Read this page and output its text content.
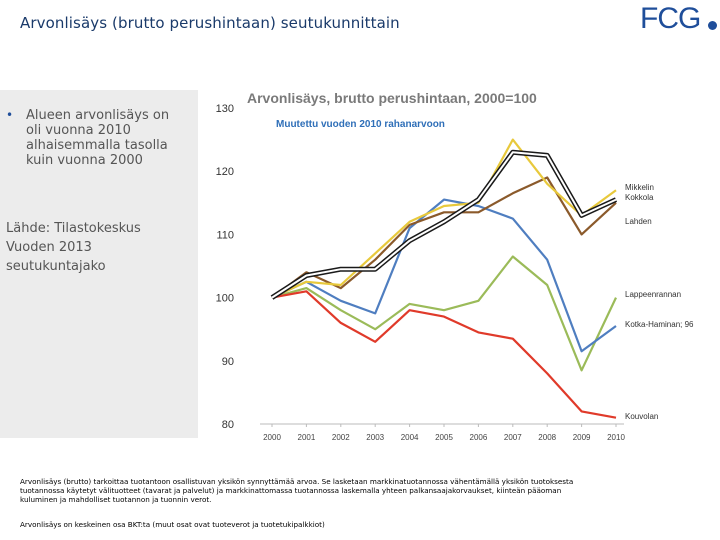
Arvonlisäys (brutto perushintaan) seutukunnittain	FCG
• Alueen arvonlisäys on oli vuonna 2010 alhaisemmalla tasolla kuin vuonna 2000
Lähde: Tilastokeskus
Vuoden 2013 seutukuntajako
Arvonlisäys, brutto perushintaan, 2000=100
Muutettu vuoden 2010 rahanarvoon
80
90
100
110
120
130
2000 2001 2002 2003 2004 2005 2006 2007 2008 2009 2010
Mikkelin
Kokkola
Lahden
Lappeenrannan
Kotka-Haminan; 96
Kouvolan
Arvonlisäys (brutto) tarkoittaa tuotantoon osallistuvan yksikön synnyttämää arvoa. Se lasketaan markkinatuotannossa vähentämällä yksikön tuotoksesta tuotannossa käytetyt välituotteet (tavarat ja palvelut) ja markkinattomassa tuotannossa laskemalla yhteen palkansaajakorvaukset, kiinteän pääoman kuluminen ja mahdolliset tuotannon ja tuonnin verot.
Arvonlisäys on keskeinen osa BKT:ta (muut osat ovat tuoteverot ja tuotetukipalkkiot)
